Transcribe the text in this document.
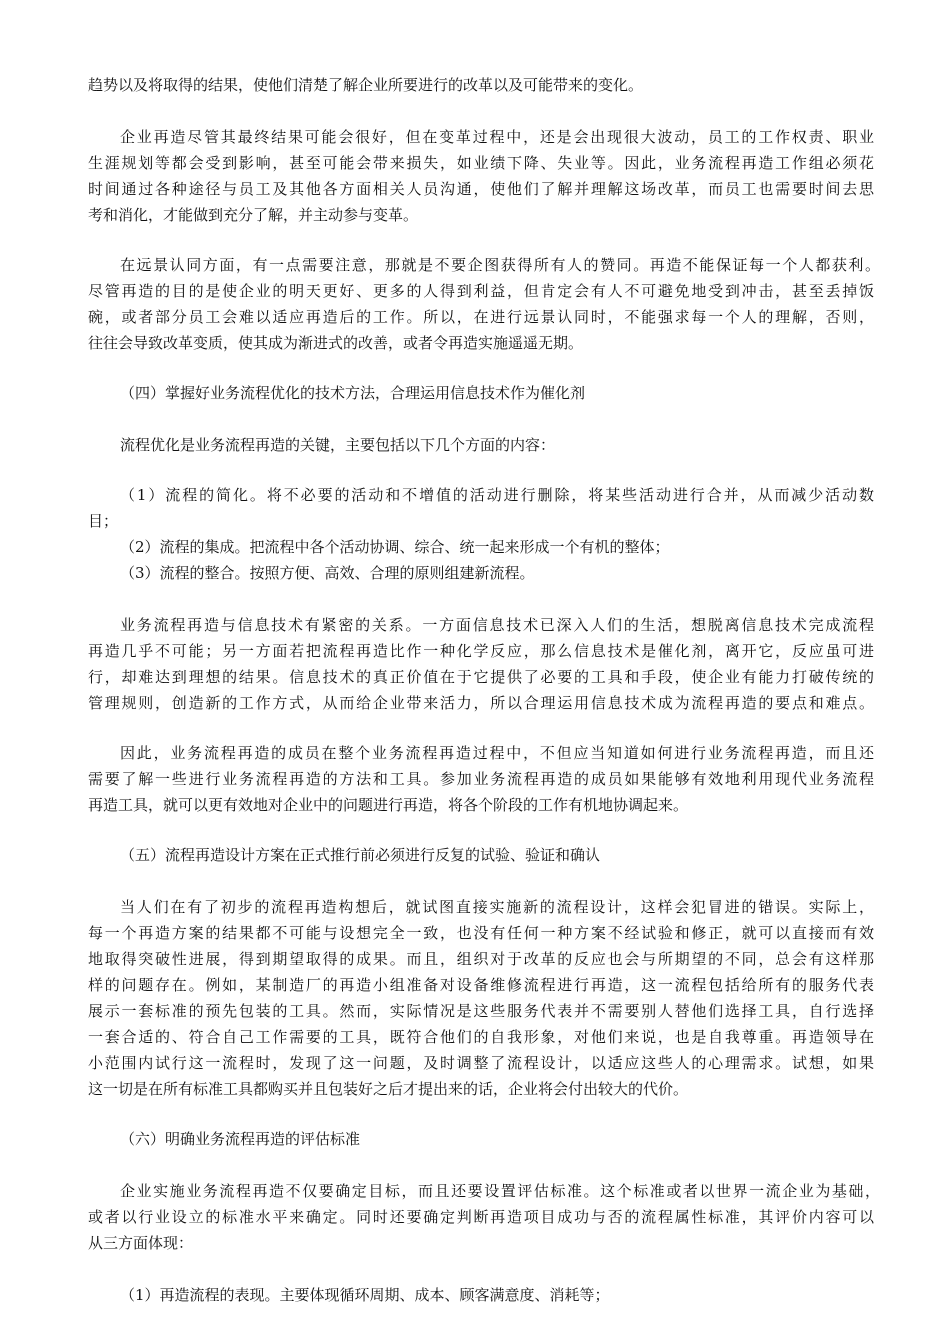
趋势以及将取得的结果，使他们清楚了解企业所要进行的改革以及可能带来的变化。
企业再造尽管其最终结果可能会很好，但在变革过程中，还是会出现很大波动，员工的工作权责、职业
生涯规划等都会受到影响，甚至可能会带来损失，如业绩下降、失业等。因此，业务流程再造工作组必须花
时间通过各种途径与员工及其他各方面相关人员沟通，使他们了解并理解这场改革，而员工也需要时间去思
考和消化，才能做到充分了解，并主动参与变革。
在远景认同方面，有一点需要注意，那就是不要企图获得所有人的赞同。再造不能保证每一个人都获利。
尽管再造的目的是使企业的明天更好、更多的人得到利益，但肯定会有人不可避免地受到冲击，甚至丢掉饭
碗，或者部分员工会难以适应再造后的工作。所以，在进行远景认同时，不能强求每一个人的理解，否则，
往往会导致改革变质，使其成为渐进式的改善，或者令再造实施遥遥无期。
（四）掌握好业务流程优化的技术方法，合理运用信息技术作为催化剂
流程优化是业务流程再造的关键，主要包括以下几个方面的内容：
（1）流程的简化。将不必要的活动和不增值的活动进行删除，将某些活动进行合并，从而减少活动数
目；
（2）流程的集成。把流程中各个活动协调、综合、统一起来形成一个有机的整体；
（3）流程的整合。按照方便、高效、合理的原则组建新流程。
业务流程再造与信息技术有紧密的关系。一方面信息技术已深入人们的生活，想脱离信息技术完成流程
再造几乎不可能；另一方面若把流程再造比作一种化学反应，那么信息技术是催化剂，离开它，反应虽可进
行，却难达到理想的结果。信息技术的真正价值在于它提供了必要的工具和手段，使企业有能力打破传统的
管理规则，创造新的工作方式，从而给企业带来活力，所以合理运用信息技术成为流程再造的要点和难点。
因此，业务流程再造的成员在整个业务流程再造过程中，不但应当知道如何进行业务流程再造，而且还
需要了解一些进行业务流程再造的方法和工具。参加业务流程再造的成员如果能够有效地利用现代业务流程
再造工具，就可以更有效地对企业中的问题进行再造，将各个阶段的工作有机地协调起来。
（五）流程再造设计方案在正式推行前必须进行反复的试验、验证和确认
当人们在有了初步的流程再造构想后，就试图直接实施新的流程设计，这样会犯冒进的错误。实际上，
每一个再造方案的结果都不可能与设想完全一致，也没有任何一种方案不经试验和修正，就可以直接而有效
地取得突破性进展，得到期望取得的成果。而且，组织对于改革的反应也会与所期望的不同，总会有这样那
样的问题存在。例如，某制造厂的再造小组准备对设备维修流程进行再造，这一流程包括给所有的服务代表
展示一套标准的预先包装的工具。然而，实际情况是这些服务代表并不需要别人替他们选择工具，自行选择
一套合适的、符合自己工作需要的工具，既符合他们的自我形象，对他们来说，也是自我尊重。再造领导在
小范围内试行这一流程时，发现了这一问题，及时调整了流程设计，以适应这些人的心理需求。试想，如果
这一切是在所有标准工具都购买并且包装好之后才提出来的话，企业将会付出较大的代价。
（六）明确业务流程再造的评估标准
企业实施业务流程再造不仅要确定目标，而且还要设置评估标准。这个标准或者以世界一流企业为基础，
或者以行业设立的标准水平来确定。同时还要确定判断再造项目成功与否的流程属性标准，其评价内容可以
从三方面体现：
（1）再造流程的表现。主要体现循环周期、成本、顾客满意度、消耗等；
